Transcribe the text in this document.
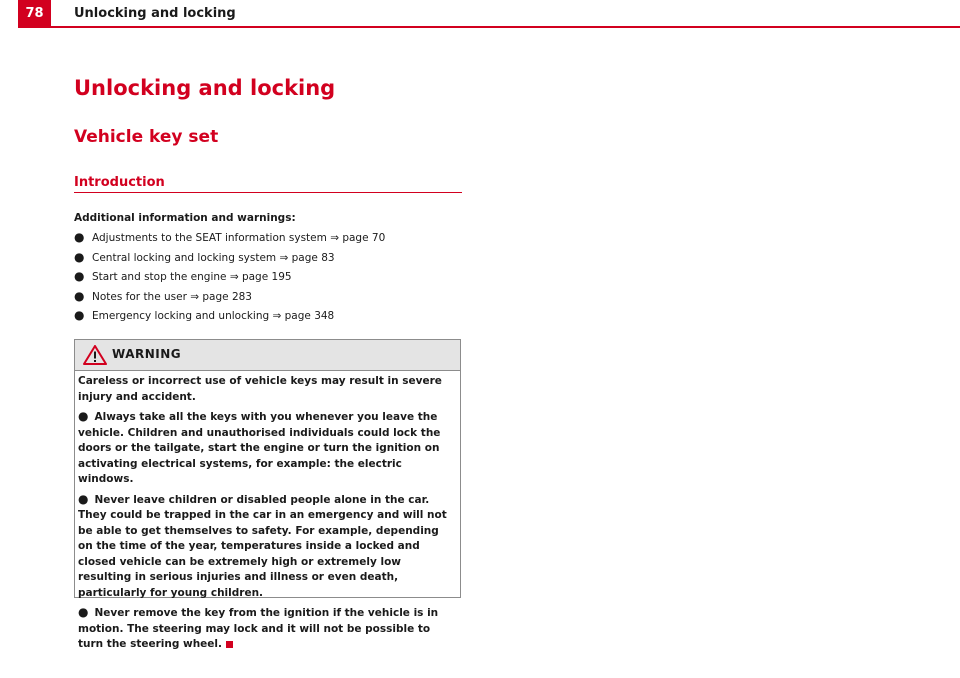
78	Unlocking and locking
Unlocking and locking
Vehicle key set
Introduction
Additional information and warnings:
● Adjustments to the SEAT information system ⇒ page 70
● Central locking and locking system ⇒ page 83
● Start and stop the engine ⇒ page 195
● Notes for the user ⇒ page 283
● Emergency locking and unlocking ⇒ page 348
WARNING

Careless or incorrect use of vehicle keys may result in severe injury and accident.

● Always take all the keys with you whenever you leave the vehicle. Children and unauthorised individuals could lock the doors or the tailgate, start the engine or turn the ignition on activating electrical systems, for example: the electric windows.

● Never leave children or disabled people alone in the car. They could be trapped in the car in an emergency and will not be able to get themselves to safety. For example, depending on the time of the year, temperatures inside a locked and closed vehicle can be extremely high or extremely low resulting in serious injuries and illness or even death, particularly for young children.

● Never remove the key from the ignition if the vehicle is in motion. The steering may lock and it will not be possible to turn the steering wheel.
